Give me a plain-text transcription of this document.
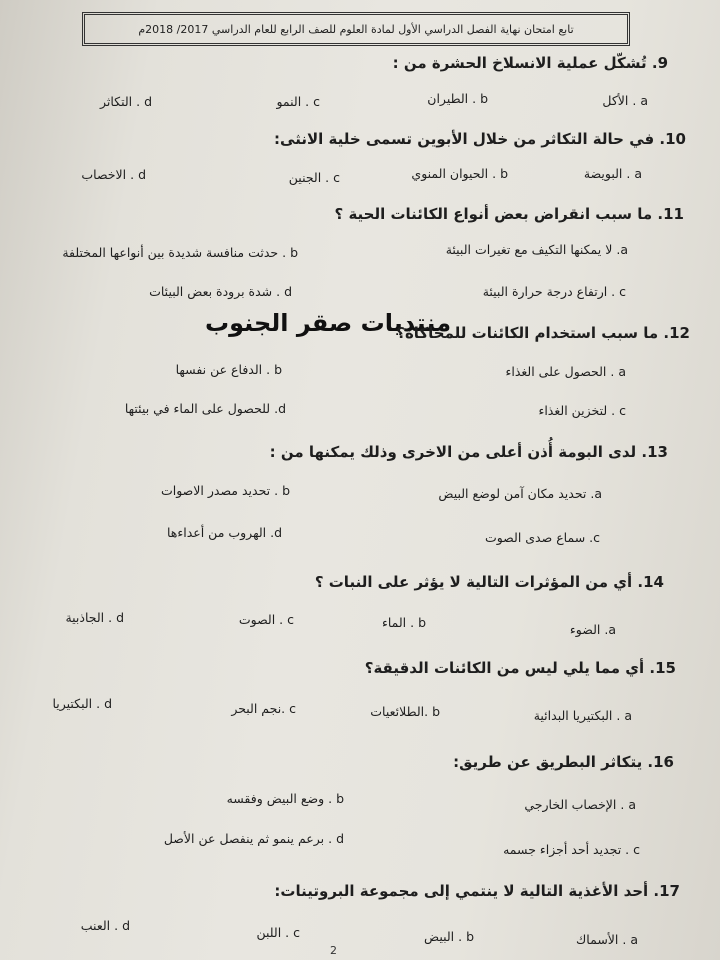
تابع امتحان نهاية الفصل الدراسي الأول لمادة العلوم للصف الرابع للعام الدراسي 2017/ 2018م
9. تُشكّل عملية الانسلاخ الحشرة من :
a . الأكل
b . الطيران
c . النمو
d . التكاثر
10. في حالة التكاثر من خلال الأبوين تسمى خلية الانثى:
a . البويضة
b . الحيوان المنوي
c . الجنين
d . الاخصاب
11. ما سبب انقراض بعض أنواع الكائنات الحية ؟
a. لا يمكنها التكيف مع تغيرات البيئة
b . حدثت منافسة شديدة بين أنواعها المختلفة
c . ارتفاع درجة حرارة البيئة
d . شدة برودة بعض البيئات
منتديات صقر الجنوب
12. ما سبب استخدام الكائنات للمحاكاة؟
a . الحصول على الغذاء
b . الدفاع عن نفسها
c . لتخزين الغذاء
d. للحصول على الماء في بيئتها
13. لدى البومة أُذن أعلى من الاخرى وذلك يمكنها من :
a. تحديد مكان آمن لوضع البيض
b . تحديد مصدر الاصوات
c. سماع صدى الصوت
d. الهروب من أعداءها
14. أي من المؤثرات التالية لا يؤثر على النبات ؟
a. الضوء
b . الماء
c . الصوت
d . الجاذبية
15. أي مما يلي ليس من الكائنات الدقيقة؟
a . البكتيريا البدائية
b .الطلائعيات
c .نجم البحر
d . البكتيريا
16. يتكاثر البطريق عن طريق:
a . الإخصاب الخارجي
b . وضع البيض وفقسه
c . تجديد أحد أجزاء جسمه
d . برعم ينمو ثم ينفصل عن الأصل
17. أحد الأغذية التالية لا ينتمي إلى مجموعة البروتينات:
a . الأسماك
b . البيض
c . اللبن
d . العنب
2
